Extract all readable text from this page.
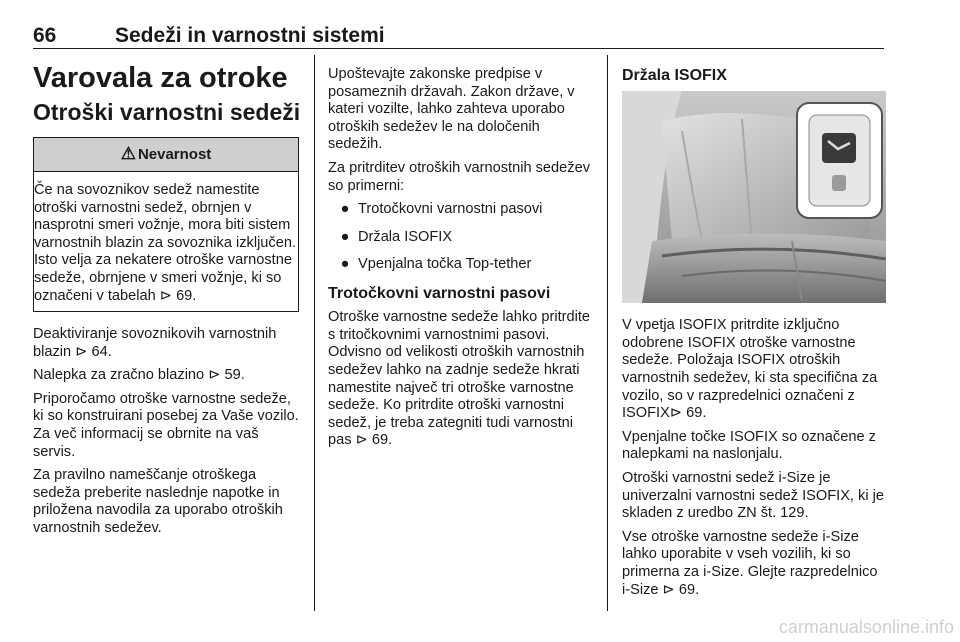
66	Sedeži in varnostni sistemi
Varovala za otroke
Otroški varnostni sedeži
⚠ Nevarnost
Če na sovoznikov sedež namestite otroški varnostni sedež, obrnjen v nasprotni smeri vožnje, mora biti sistem varnostnih blazin za sovoznika izključen. Isto velja za nekatere otroške varnostne sedeže, obrnjene v smeri vožnje, ki so označeni v tabelah ⊳ 69.

Deaktiviranje sovoznikovih varnostnih blazin ⊳ 64.

Nalepka za zračno blazino ⊳ 59.

Priporočamo otroške varnostne sedeže, ki so konstruirani posebej za Vaše vozilo. Za več informacij se obrnite na vaš servis.

Za pravilno nameščanje otroškega sedeža preberite naslednje napotke in priložena navodila za uporabo otroških varnostnih sedežev.

Upoštevajte zakonske predpise v posameznih državah. Zakon države, v kateri vozilte, lahko zahteva uporabo otroških sedežev le na določenih sedežih.

Za pritrditev otroških varnostnih sedežev so primerni:

● Trotočkovni varnostni pasovi
● Držala ISOFIX
● Vpenjalna točka Top-tether
Trotočkovni varnostni pasovi

Otroške varnostne sedeže lahko pritrdite s tritočkovnimi varnostnimi pasovi. Odvisno od velikosti otroških varnostnih sedežev lahko na zadnje sedeže hkrati namestite največ tri otroške varnostne sedeže. Ko pritrdite otroški varnostni sedež, je treba zategniti tudi varnostni pas ⊳ 69.

Držala ISOFIX

V vpetja ISOFIX pritrdite izključno odobrene ISOFIX otroške varnostne sedeže. Položaja ISOFIX otroških varnostnih sedežev, ki sta specifična za vozilo, so v razpredelnici označeni z ISOFIX⊳ 69.

Vpenjalne točke ISOFIX so označene z nalepkami na naslonjalu.

Otroški varnostni sedež i-Size je univerzalni varnostni sedež ISOFIX, ki je skladen z uredbo ZN št. 129.

Vse otroške varnostne sedeže i-Size lahko uporabite v vseh vozilih, ki so primerna za i-Size. Glejte razpredelnico i-Size ⊳ 69.

carmanualsonline.info
